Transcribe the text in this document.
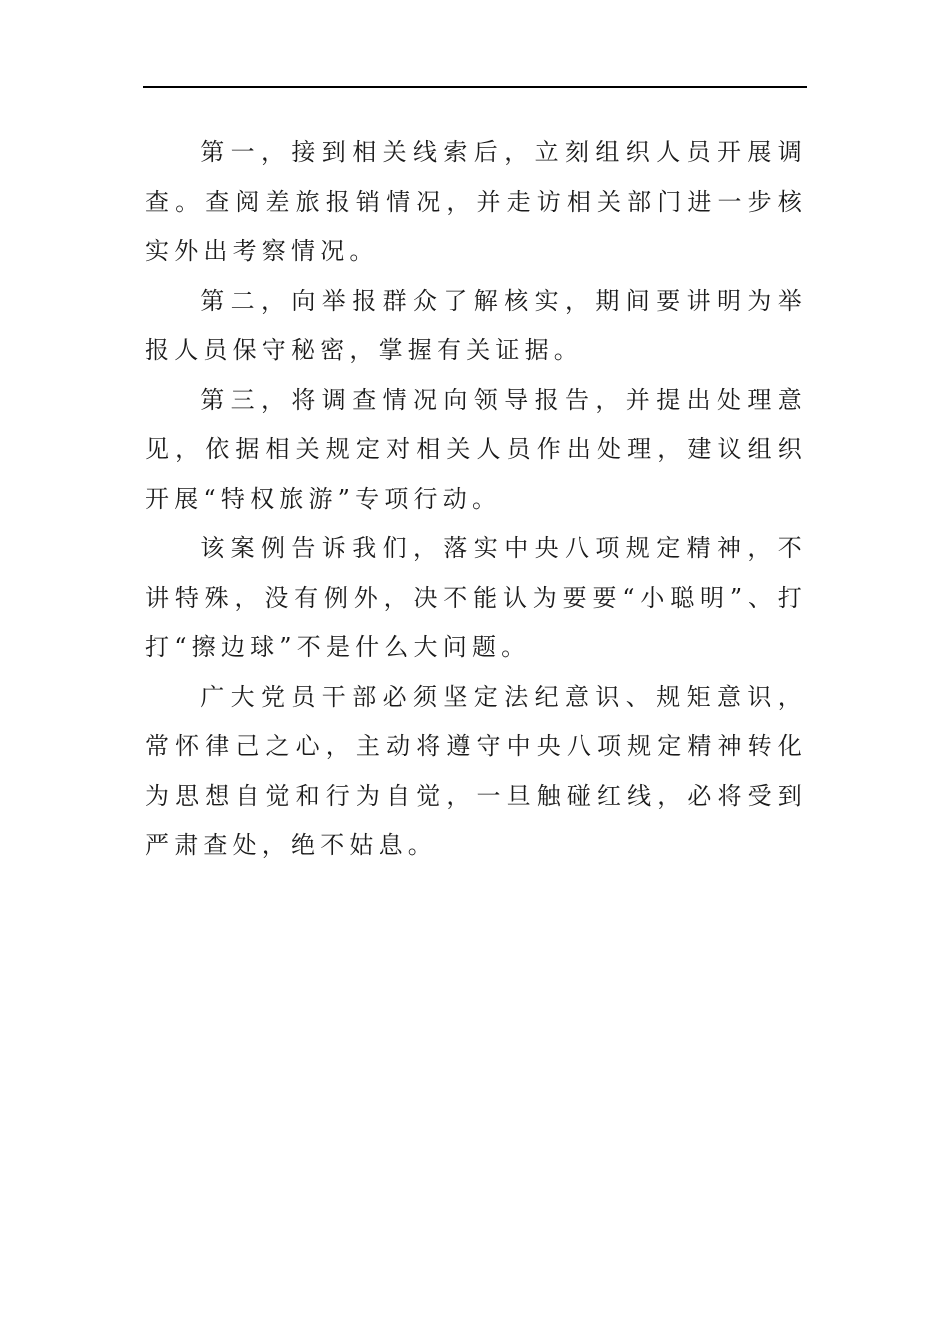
第一，接到相关线索后，立刻组织人员开展调查。查阅差旅报销情况，并走访相关部门进一步核实外出考察情况。

第二，向举报群众了解核实，期间要讲明为举报人员保守秘密，掌握有关证据。

第三，将调查情况向领导报告，并提出处理意见，依据相关规定对相关人员作出处理，建议组织开展“特权旅游”专项行动。

该案例告诉我们，落实中央八项规定精神，不讲特殊，没有例外，决不能认为要要“小聪明”、打打“擦边球”不是什么大问题。

广大党员干部必须坚定法纪意识、规矩意识，常怀律己之心，主动将遵守中央八项规定精神转化为思想自觉和行为自觉，一旦触碰红线，必将受到严肃查处，绝不姑息。
